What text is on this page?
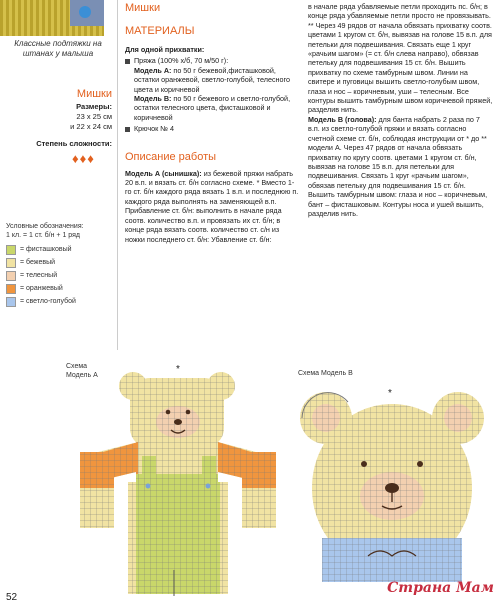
Классные подтяжки на штанах у малыша
Мишки
Размеры:
23 x 25 см
и 22 x 24 см
Степень сложности:
♦♦♦
Условные обозначения:
1 кл. = 1 ст. б/н + 1 ряд
= фисташковый
= бежевый
= телесный
= оранжевый
= светло-голубой
Мишки
МАТЕРИАЛЫ
Для одной прихватки:
Пряжа (100% х/б, 70 м/50 г):
Модель А: по 50 г бежевой,фисташковой, остатки оранжевой, светло-голубой, телесного цвета и коричневой
Модель B: по 50 г бежевого и светло-голубой, остатки телесного цвета, фисташковой и коричневой
Крючок № 4
Описание работы
Модель А (сынишка): из бежевой пряжи набрать 20 в.п. и вязать ст. б/н согласно схеме. * Вместо 1-го ст. б/н каждого ряда вязать 1 в.п. и последнюю п. каждого ряда выполнять на заменяющей в.п. Прибавление ст. б/н: выполнить в начале ряда соотв. количество в.п. и провязать их ст. б/н; в конце ряда вязать соотв. количество ст. с/н из ножки последнего ст. б/н: Убавление ст. б/н:
в начале ряда убавляемые петли проходить пс. б/н; в конце ряда убавляемые петли просто не провязывать. ** Через 49 рядов от начала обвязать прихватку соотв. цветами 1 кругом ст. б/н, вывязав на голове 15 в.п. для петельки для подвешивания. Связать еще 1 круг «рачьим шагом» (= ст. б/н слева направо), обвязав петельку для подвешивания 15 ст. б/н. Вышить прихватку по схеме тамбурным швом. Линии на свитере и пуговицы вышить светло-голубым швом, глаза и нос – коричневым, уши – телесным. Все контуры вышить тамбурным швом коричневой пряжей, разделив нить.
Модель B (голова): для банта набрать 2 раза по 7 в.п. из светло-голубой пряжи и вязать согласно счетной схеме ст. б/н, соблюдая инструкции от * до ** модели А. Через 47 рядов от начала обвязать прихватку по кругу соотв. цветами 1 кругом ст. б/н, вывязав на голове 15 в.п. для петельки для подвешивания. Связать 1 круг «рачьим шагом», обвязав петельку для подвешивания 15 ст. б/н. Вышить тамбурным швом: глаза и нос – коричневым, бант – фисташковым. Контуры носа и ушей вышить, разделив нить.
Схема
Модель А	Схема Модель В
*
*
52
Страна Мам
